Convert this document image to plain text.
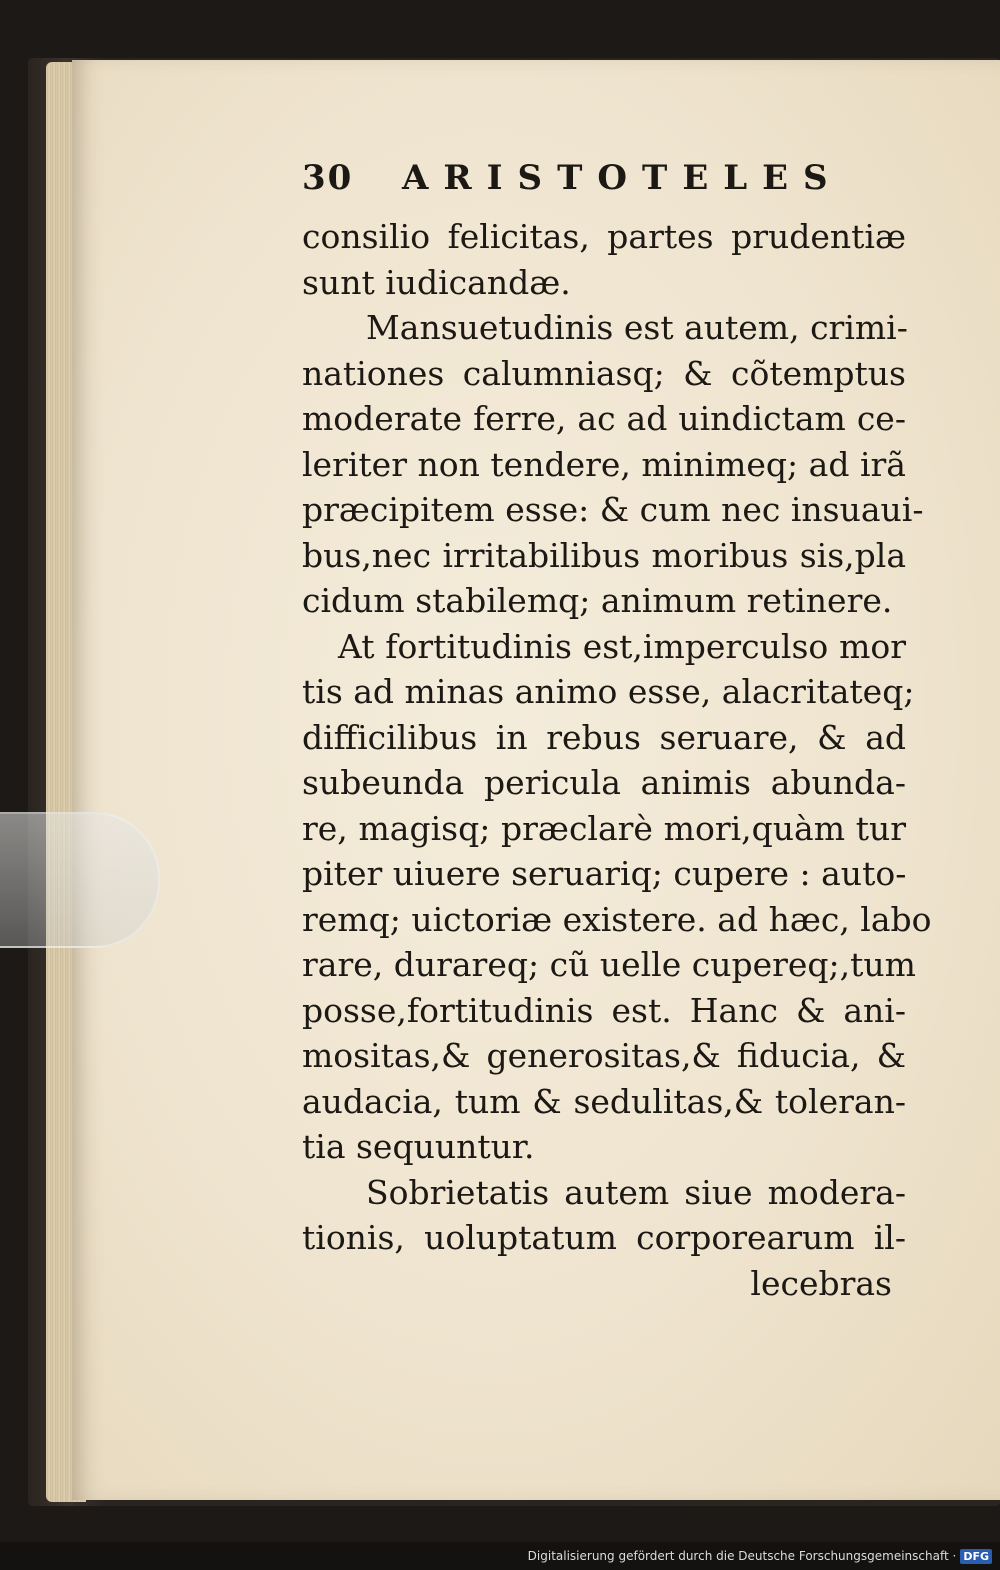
30	ARISTOTELES
consilio felicitas, partes prudentiæ
sunt iudicandæ.
Mansuetudinis est autem, crimi-
nationes calumniasq; & cõtemptus
moderate ferre, ac ad uindictam ce-
leriter non tendere, minimeq; ad irã
præcipitem esse: & cum nec insuaui-
bus,nec irritabilibus moribus sis,pla
cidum stabilemq; animum retinere.
At fortitudinis est,imperculso mor
tis ad minas animo esse, alacritateq;
difficilibus in rebus seruare, & ad
subeunda pericula animis abunda-
re, magisq; præclarè mori,quàm tur
piter uiuere seruariq; cupere : auto-
remq; uictoriæ existere. ad hæc, labo
rare, durareq; cũ uelle cupereq;,tum
posse,fortitudinis est. Hanc & ani-
mositas,& generositas,& fiducia, &
audacia, tum & sedulitas,& toleran-
tia sequuntur.
Sobrietatis autem siue modera-
tionis, uoluptatum corporearum il-
lecebras
Digitalisierung gefördert durch die Deutsche Forschungsgemeinschaft · DFG
